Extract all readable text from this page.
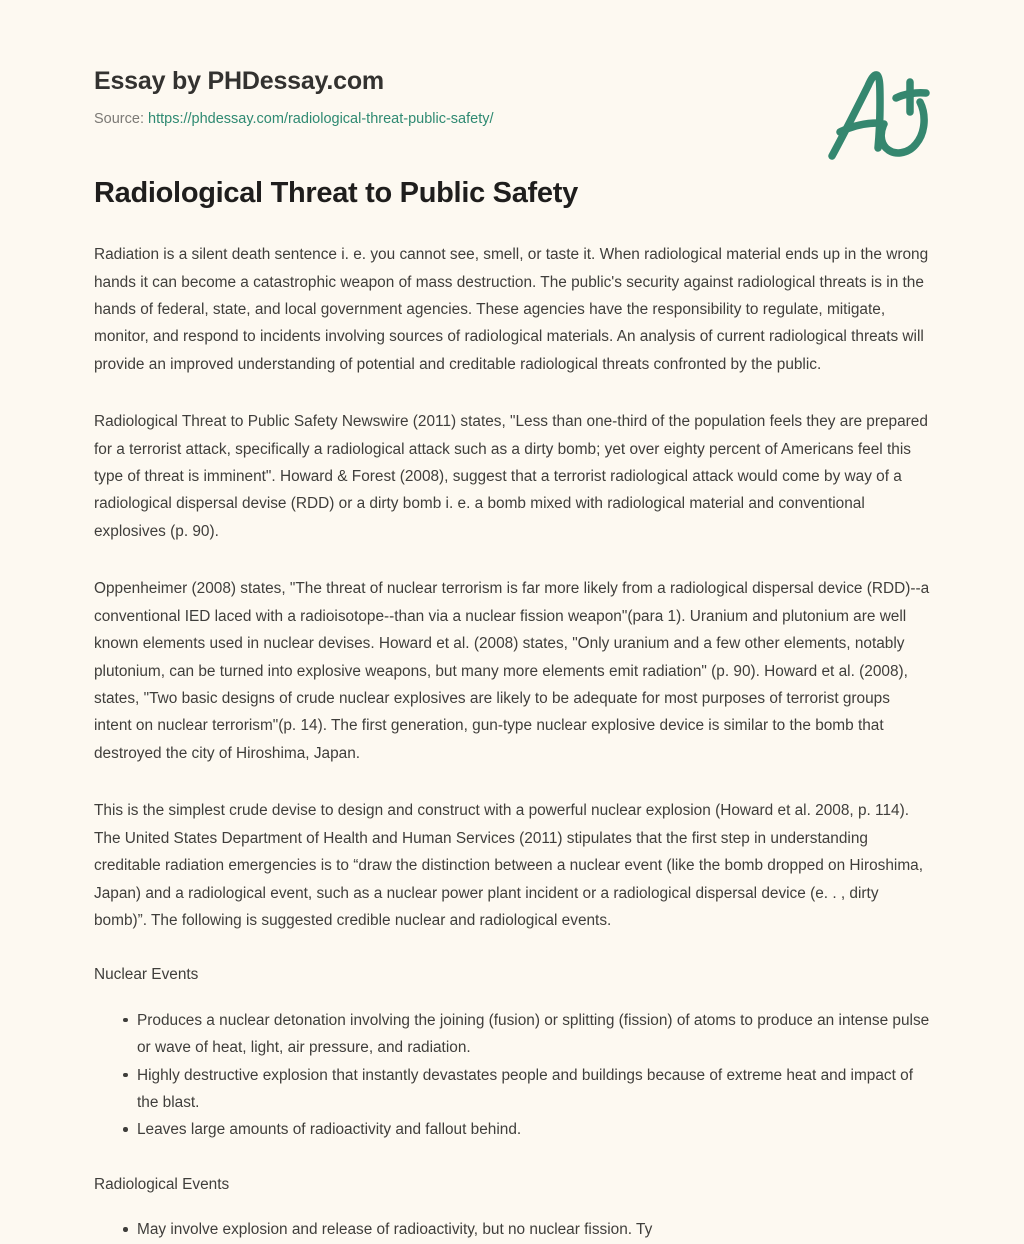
Essay by PHDessay.com
Source: https://phdessay.com/radiological-threat-public-safety/
Radiological Threat to Public Safety

Radiation is a silent death sentence i. e. you cannot see, smell, or taste it. When radiological material ends up in the wrong hands it can become a catastrophic weapon of mass destruction. The public's security against radiological threats is in the hands of federal, state, and local government agencies. These agencies have the responsibility to regulate, mitigate, monitor, and respond to incidents involving sources of radiological materials. An analysis of current radiological threats will provide an improved understanding of potential and creditable radiological threats confronted by the public.

Radiological Threat to Public Safety Newswire (2011) states, "Less than one-third of the population feels they are prepared for a terrorist attack, specifically a radiological attack such as a dirty bomb; yet over eighty percent of Americans feel this type of threat is imminent". Howard & Forest (2008), suggest that a terrorist radiological attack would come by way of a radiological dispersal devise (RDD) or a dirty bomb i. e. a bomb mixed with radiological material and conventional explosives (p. 90).

Oppenheimer (2008) states, "The threat of nuclear terrorism is far more likely from a radiological dispersal device (RDD)--a conventional IED laced with a radioisotope--than via a nuclear fission weapon"(para 1). Uranium and plutonium are well known elements used in nuclear devises. Howard et al. (2008) states, "Only uranium and a few other elements, notably plutonium, can be turned into explosive weapons, but many more elements emit radiation" (p. 90). Howard et al. (2008), states, "Two basic designs of crude nuclear explosives are likely to be adequate for most purposes of terrorist groups intent on nuclear terrorism"(p. 14). The first generation, gun-type nuclear explosive device is similar to the bomb that destroyed the city of Hiroshima, Japan.

This is the simplest crude devise to design and construct with a powerful nuclear explosion (Howard et al. 2008, p. 114). The United States Department of Health and Human Services (2011) stipulates that the first step in understanding creditable radiation emergencies is to “draw the distinction between a nuclear event (like the bomb dropped on Hiroshima, Japan) and a radiological event, such as a nuclear power plant incident or a radiological dispersal device (e. . , dirty bomb)”. The following is suggested credible nuclear and radiological events.

Nuclear Events

Produces a nuclear detonation involving the joining (fusion) or splitting (fission) of atoms to produce an intense pulse or wave of heat, light, air pressure, and radiation.
Highly destructive explosion that instantly devastates people and buildings because of extreme heat and impact of the blast.
Leaves large amounts of radioactivity and fallout behind.

Radiological Events

May involve explosion and release of radioactivity, but no nuclear fission. Ty
